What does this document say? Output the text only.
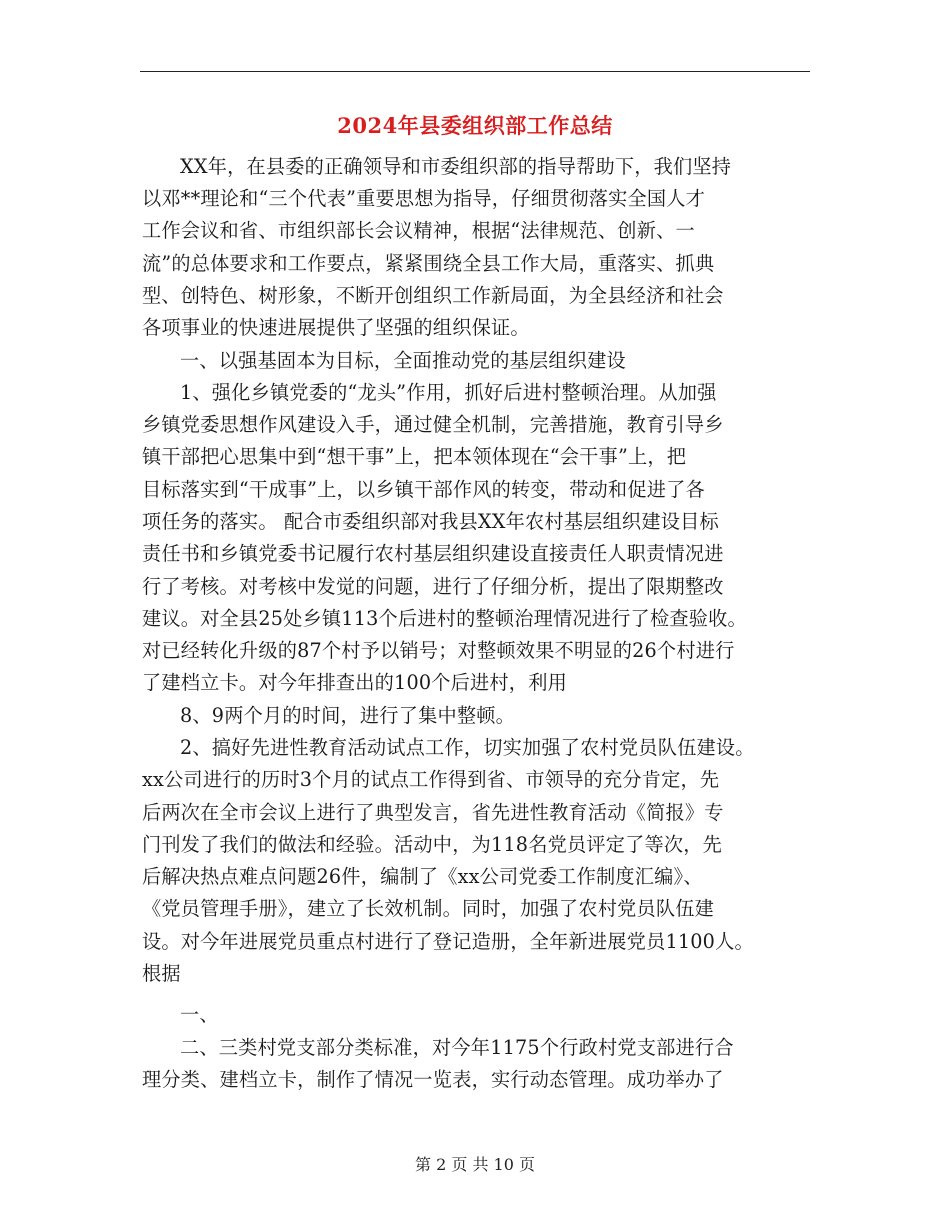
2024年县委组织部工作总结
XX年，在县委的正确领导和市委组织部的指导帮助下，我们坚持
以邓**理论和“三个代表”重要思想为指导，仔细贯彻落实全国人才
工作会议和省、市组织部长会议精神，根据“法律规范、创新、一
流”的总体要求和工作要点，紧紧围绕全县工作大局，重落实、抓典
型、创特色、树形象，不断开创组织工作新局面，为全县经济和社会
各项事业的快速进展提供了坚强的组织保证。
一、以强基固本为目标，全面推动党的基层组织建设
1、强化乡镇党委的“龙头”作用，抓好后进村整顿治理。从加强
乡镇党委思想作风建设入手，通过健全机制，完善措施，教育引导乡
镇干部把心思集中到“想干事”上，把本领体现在“会干事”上，把
目标落实到“干成事”上，以乡镇干部作风的转变，带动和促进了各
项任务的落实。 配合市委组织部对我县XX年农村基层组织建设目标
责任书和乡镇党委书记履行农村基层组织建设直接责任人职责情况进
行了考核。对考核中发觉的问题，进行了仔细分析，提出了限期整改
建议。对全县25处乡镇113个后进村的整顿治理情况进行了检查验收。
对已经转化升级的87个村予以销号；对整顿效果不明显的26个村进行
了建档立卡。对今年排查出的100个后进村，利用
8、9两个月的时间，进行了集中整顿。
2、搞好先进性教育活动试点工作，切实加强了农村党员队伍建设。
xx公司进行的历时3个月的试点工作得到省、市领导的充分肯定，先
后两次在全市会议上进行了典型发言，省先进性教育活动《简报》专
门刊发了我们的做法和经验。活动中，为118名党员评定了等次，先
后解决热点难点问题26件，编制了《xx公司党委工作制度汇编》、
《党员管理手册》，建立了长效机制。同时，加强了农村党员队伍建
设。对今年进展党员重点村进行了登记造册，全年新进展党员1100人。
根据
一、
二、三类村党支部分类标准，对今年1175个行政村党支部进行合
理分类、建档立卡，制作了情况一览表，实行动态管理。成功举办了
第 2 页 共 10 页
